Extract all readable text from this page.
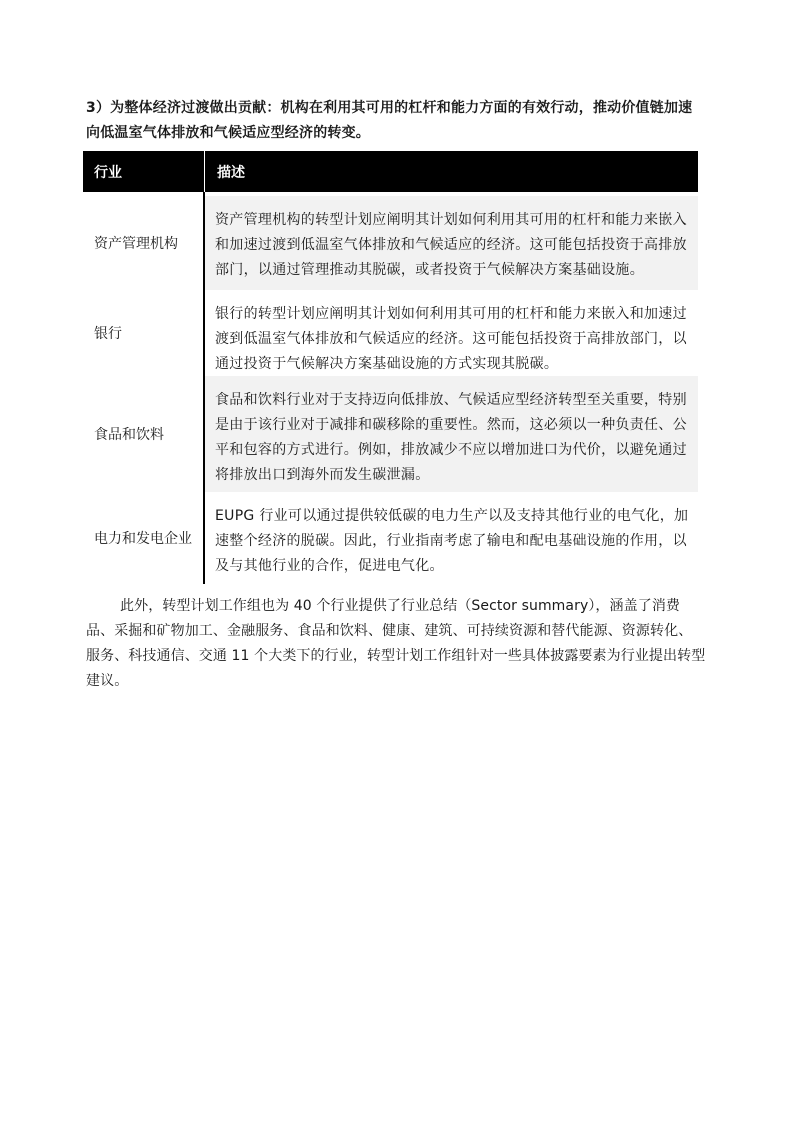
3）为整体经济过渡做出贡献：机构在利用其可用的杠杆和能力方面的有效行动，推动价值链加速向低温室气体排放和气候适应型经济的转变。
行业	描述
资产管理机构
资产管理机构的转型计划应阐明其计划如何利用其可用的杠杆和能力来嵌入和加速过渡到低温室气体排放和气候适应的经济。这可能包括投资于高排放部门，以通过管理推动其脱碳，或者投资于气候解决方案基础设施。
银行
银行的转型计划应阐明其计划如何利用其可用的杠杆和能力来嵌入和加速过渡到低温室气体排放和气候适应的经济。这可能包括投资于高排放部门，以通过投资于气候解决方案基础设施的方式实现其脱碳。
食品和饮料
食品和饮料行业对于支持迈向低排放、气候适应型经济转型至关重要，特别是由于该行业对于减排和碳移除的重要性。然而，这必须以一种负责任、公平和包容的方式进行。例如，排放减少不应以增加进口为代价，以避免通过将排放出口到海外而发生碳泄漏。
电力和发电企业
EUPG 行业可以通过提供较低碳的电力生产以及支持其他行业的电气化，加速整个经济的脱碳。因此，行业指南考虑了输电和配电基础设施的作用，以及与其他行业的合作，促进电气化。
此外，转型计划工作组也为 40 个行业提供了行业总结（Sector summary），涵盖了消费品、采掘和矿物加工、金融服务、食品和饮料、健康、建筑、可持续资源和替代能源、资源转化、服务、科技通信、交通 11 个大类下的行业，转型计划工作组针对一些具体披露要素为行业提出转型建议。
